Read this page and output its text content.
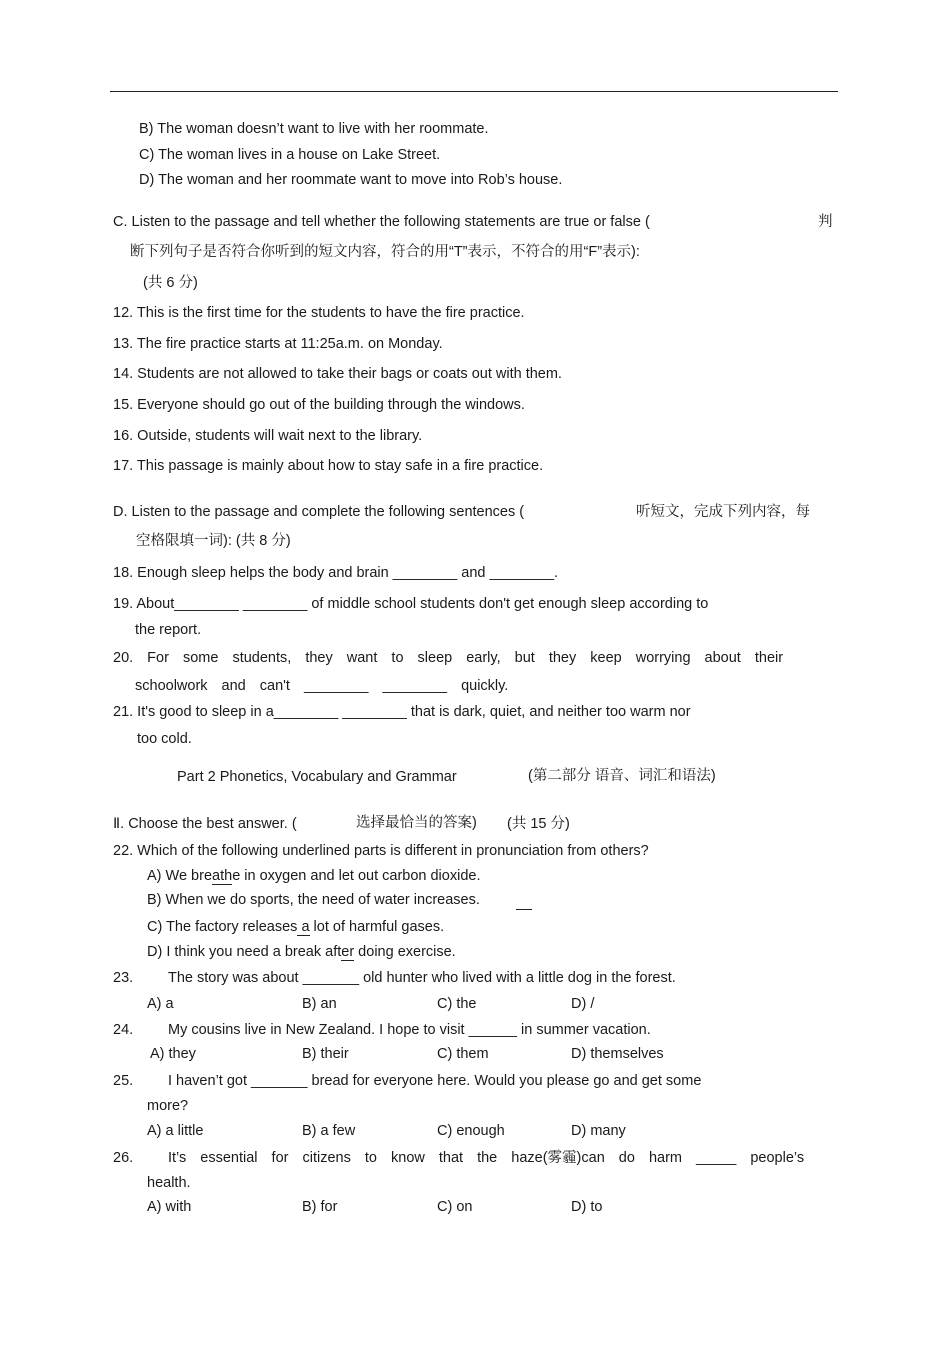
B) The woman doesn’t want to live with her roommate.
C) The woman lives in a house on Lake Street.
D) The woman and her roommate want to move into Rob’s house.
C. Listen to the passage and tell whether the following statements are true or false (	判
断下列句子是否符合你听到的短文内容，符合的用“T”表示，不符合的用“F”表示):
(共 6 分)
12. This is the first time for the students to have the fire practice.
13. The fire practice starts at 11:25a.m. on Monday.
14. Students are not allowed to take their bags or coats out with them.
15. Everyone should go out of the building through the windows.
16. Outside, students will wait next to the library.
17. This passage is mainly about how to stay safe in a fire practice.
D. Listen to the passage and complete the following sentences (	听短文，完成下列内容，每
空格限填一词): (共 8 分)
18. Enough sleep helps the body and brain ________ and ________.
19. About________ ________ of middle school students don't get enough sleep according to
the report.
20. For some students, they want to sleep early, but they keep worrying about their
schoolwork and can't ________ ________ quickly.
21. It's good to sleep in a________ ________ that is dark, quiet, and neither too warm nor
too cold.
Part 2 Phonetics, Vocabulary and Grammar	(第二部分 语音、词汇和语法)
Ⅱ. Choose the best answer. (	选择最恰当的答案) (共 15 分)
22. Which of the following underlined parts is different in pronunciation from others?
A) We breathe in oxygen and let out carbon dioxide.
B) When we do sports, the need of water increases.
C) The factory releases a lot of harmful gases.
D) I think you need a break after doing exercise.
23. The story was about _______ old hunter who lived with a little dog in the forest.
A) a	B) an	C) the	D) /
24. My cousins live in New Zealand. I hope to visit ______ in summer vacation.
A) they	B) their	C) them	D) themselves
25. I haven’t got _______ bread for everyone here. Would you please go and get some
more?
A) a little	B) a few	C) enough	D) many
26. It’s essential for citizens to know that the haze(雾霾)can do harm _____ people’s
health.
A) with	B) for	C) on	D) to
